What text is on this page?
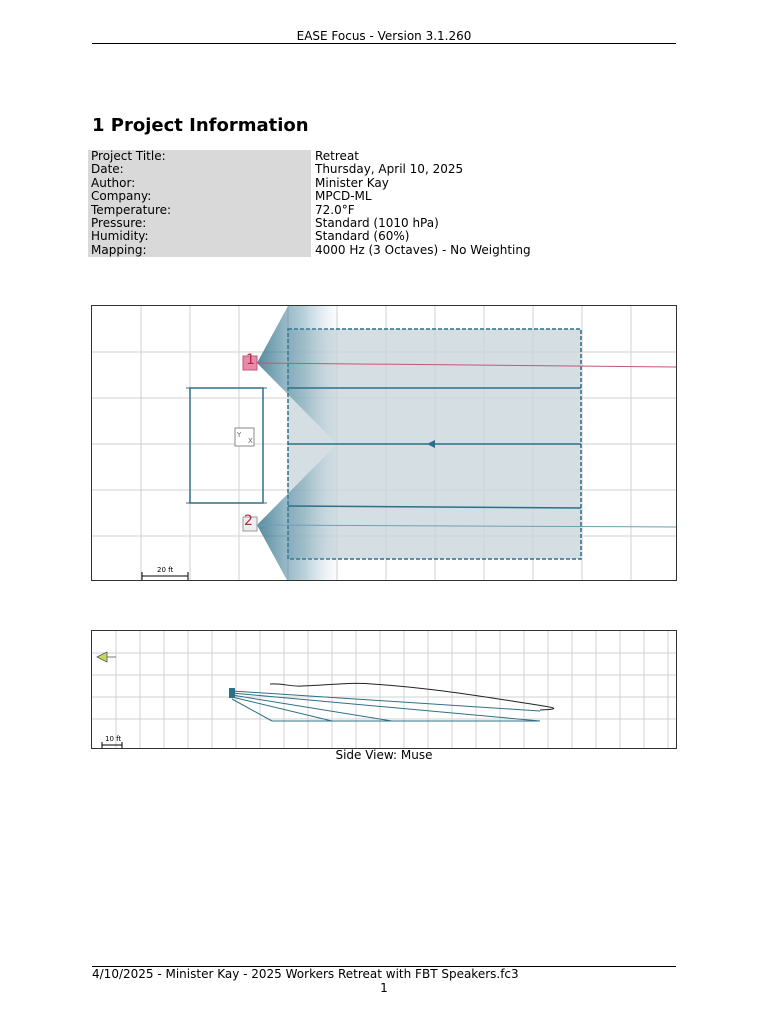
EASE Focus - Version 3.1.260
1 Project Information
Project Title:	Retreat
Date:	Thursday, April 10, 2025
Author:	Minister Kay
Company:	MPCD-ML
Temperature:	72.0°F
Pressure:	Standard (1010 hPa)
Humidity:	Standard (60%)
Mapping:	4000 Hz (3 Octaves) - No Weighting
Y
X
1
2
20 ft
10 ft
Side View: Muse
4/10/2025 - Minister Kay - 2025 Workers Retreat with FBT Speakers.fc3
1
